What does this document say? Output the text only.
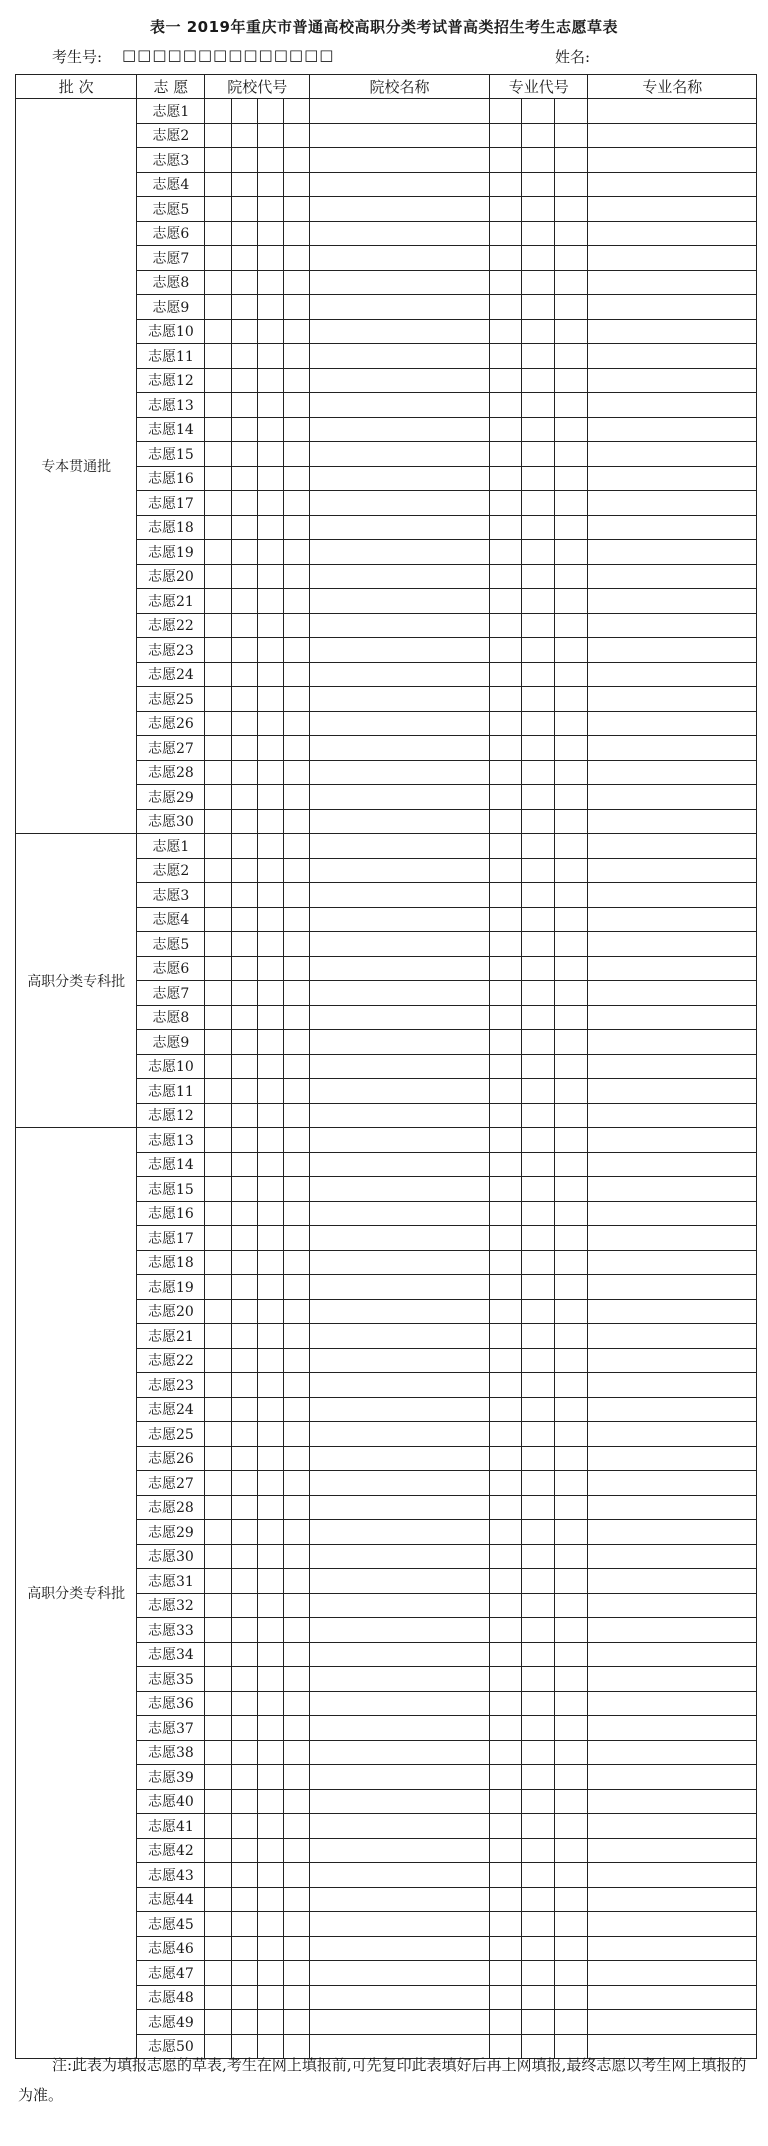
表一 2019年重庆市普通高校高职分类考试普高类招生考生志愿草表
考生号: □□□□□□□□□□□□□□	姓名:
批 次	志 愿	院校代号				院校名称	专业代号			专业名称
专本贯通批	志愿1									
	志愿2									
	志愿3									
	志愿4									
	志愿5									
	志愿6									
	志愿7									
	志愿8									
	志愿9									
	志愿10									
	志愿11									
	志愿12									
	志愿13									
	志愿14									
	志愿15									
	志愿16									
	志愿17									
	志愿18									
	志愿19									
	志愿20									
	志愿21									
	志愿22									
	志愿23									
	志愿24									
	志愿25									
	志愿26									
	志愿27									
	志愿28									
	志愿29									
	志愿30									
高职分类专科批	志愿1									
	志愿2									
	志愿3									
	志愿4									
	志愿5									
	志愿6									
	志愿7									
	志愿8									
	志愿9									
	志愿10									
	志愿11									
	志愿12									
高职分类专科批	志愿13									
	志愿14									
	志愿15									
	志愿16									
	志愿17									
	志愿18									
	志愿19									
	志愿20									
	志愿21									
	志愿22									
	志愿23									
	志愿24									
	志愿25									
	志愿26									
	志愿27									
	志愿28									
	志愿29									
	志愿30									
	志愿31									
	志愿32									
	志愿33									
	志愿34									
	志愿35									
	志愿36									
	志愿37									
	志愿38									
	志愿39									
	志愿40									
	志愿41									
	志愿42									
	志愿43									
	志愿44									
	志愿45									
	志愿46									
	志愿47									
	志愿48									
	志愿49									
	志愿50									
注:此表为填报志愿的草表,考生在网上填报前,可先复印此表填好后再上网填报,最终志愿以考生网上填报的为准。
